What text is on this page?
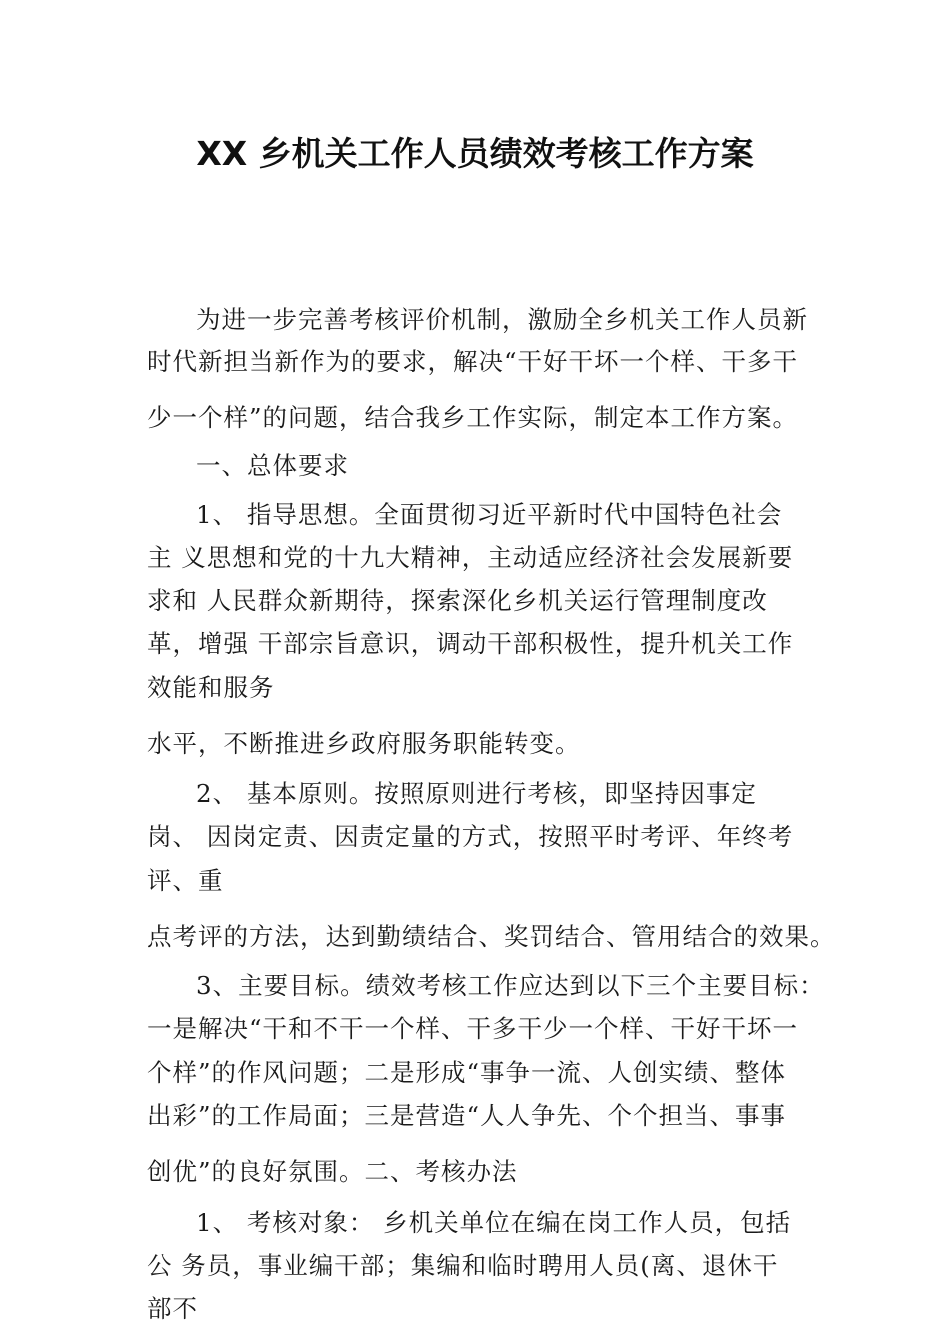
XX 乡机关工作人员绩效考核工作方案
为进一步完善考核评价机制，激励全乡机关工作人员新
时代新担当新作为的要求，解决“干好干坏一个样、干多干
少一个样”的问题，结合我乡工作实际，制定本工作方案。
一、总体要求
1、 指导思想。全面贯彻习近平新时代中国特色社会
主 义思想和党的十九大精神，主动适应经济社会发展新要
求和 人民群众新期待，探索深化乡机关运行管理制度改
革，增强 干部宗旨意识，调动干部积极性，提升机关工作
效能和服务
水平，不断推进乡政府服务职能转变。
2、 基本原则。按照原则进行考核，即坚持因事定
岗、 因岗定责、因责定量的方式，按照平时考评、年终考
评、重
点考评的方法，达到勤绩结合、奖罚结合、管用结合的效果。
3、主要目标。绩效考核工作应达到以下三个主要目标：
一是解决“干和不干一个样、干多干少一个样、干好干坏一
个样”的作风问题；二是形成“事争一流、人创实绩、整体
出彩”的工作局面；三是营造“人人争先、个个担当、事事
创优”的良好氛围。二、考核办法
1、 考核对象： 乡机关单位在编在岗工作人员，包括
公 务员，事业编干部；集编和临时聘用人员(离、退休干
部不
